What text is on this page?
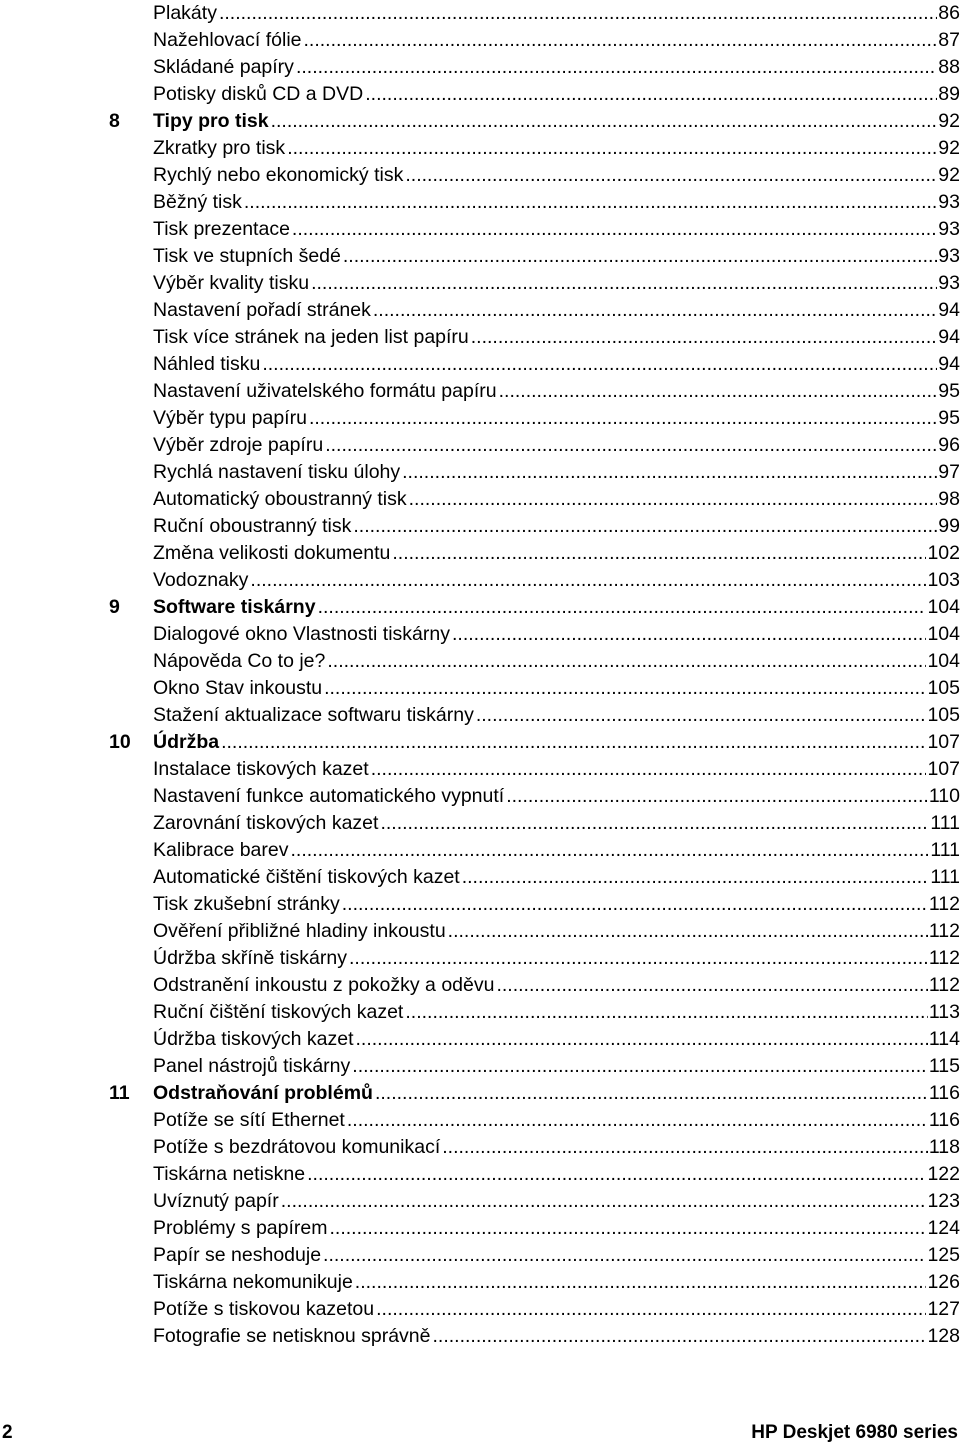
Plakáty .....	86
Nažehlovací fólie .....	87
Skládané papíry .....	88
Potisky disků CD a DVD .....	89
8 Tipy pro tisk .....	92
Zkratky pro tisk .....	92
Rychlý nebo ekonomický tisk .....	92
Běžný tisk .....	93
Tisk prezentace .....	93
Tisk ve stupních šedé .....	93
Výběr kvality tisku .....	93
Nastavení pořadí stránek .....	94
Tisk více stránek na jeden list papíru .....	94
Náhled tisku .....	94
Nastavení uživatelského formátu papíru .....	95
Výběr typu papíru .....	95
Výběr zdroje papíru .....	96
Rychlá nastavení tisku úlohy .....	97
Automatický oboustranný tisk .....	98
Ruční oboustranný tisk .....	99
Změna velikosti dokumentu .....	102
Vodoznaky .....	103
9 Software tiskárny .....	104
Dialogové okno Vlastnosti tiskárny .....	104
Nápověda Co to je? .....	104
Okno Stav inkoustu .....	105
Stažení aktualizace softwaru tiskárny .....	105
10 Údržba .....	107
Instalace tiskových kazet .....	107
Nastavení funkce automatického vypnutí .....	110
Zarovnání tiskových kazet .....	111
Kalibrace barev .....	111
Automatické čištění tiskových kazet .....	111
Tisk zkušební stránky .....	112
Ověření přibližné hladiny inkoustu .....	112
Údržba skříně tiskárny .....	112
Odstranění inkoustu z pokožky a oděvu .....	112
Ruční čištění tiskových kazet .....	113
Údržba tiskových kazet .....	114
Panel nástrojů tiskárny .....	115
11 Odstraňování problémů .....	116
Potíže se sítí Ethernet .....	116
Potíže s bezdrátovou komunikací .....	118
Tiskárna netiskne .....	122
Uvíznutý papír .....	123
Problémy s papírem .....	124
Papír se neshoduje .....	125
Tiskárna nekomunikuje .....	126
Potíže s tiskovou kazetou .....	127
Fotografie se netisknou správně .....	128
2	HP Deskjet 6980 series
